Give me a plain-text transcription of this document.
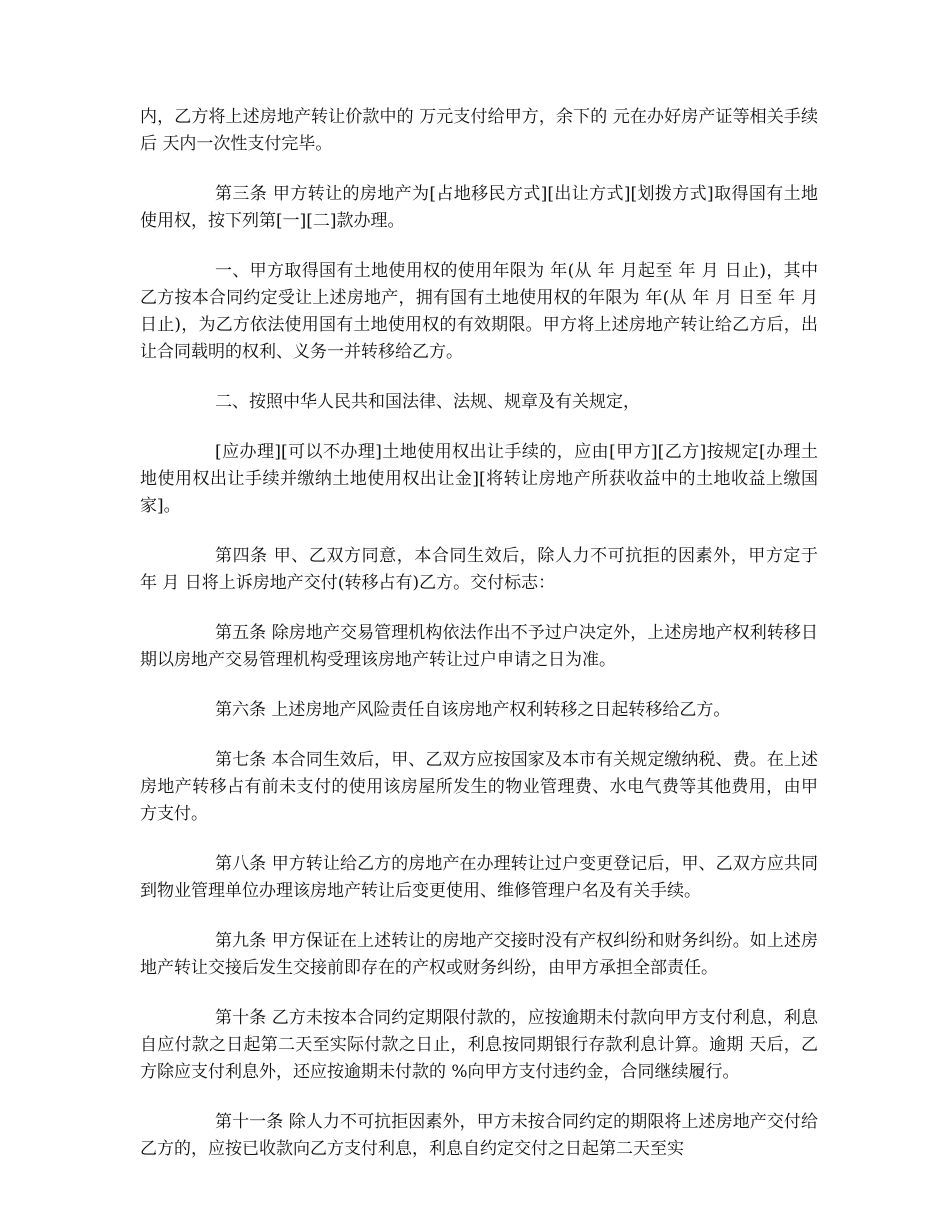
内，乙方将上述房地产转让价款中的 万元支付给甲方，余下的 元在办好房产证等相关手续后 天内一次性支付完毕。

第三条 甲方转让的房地产为[占地移民方式][出让方式][划拨方式]取得国有土地使用权，按下列第[一][二]款办理。

一、甲方取得国有土地使用权的使用年限为 年(从 年 月起至 年 月 日止)，其中乙方按本合同约定受让上述房地产，拥有国有土地使用权的年限为 年(从 年 月 日至 年 月 日止)，为乙方依法使用国有土地使用权的有效期限。甲方将上述房地产转让给乙方后，出让合同载明的权利、义务一并转移给乙方。

二、按照中华人民共和国法律、法规、规章及有关规定，

[应办理][可以不办理]土地使用权出让手续的，应由[甲方][乙方]按规定[办理土地使用权出让手续并缴纳土地使用权出让金][将转让房地产所获收益中的土地收益上缴国家]。

第四条 甲、乙双方同意，本合同生效后，除人力不可抗拒的因素外，甲方定于 年 月 日将上诉房地产交付(转移占有)乙方。交付标志：

第五条 除房地产交易管理机构依法作出不予过户决定外，上述房地产权利转移日期以房地产交易管理机构受理该房地产转让过户申请之日为准。

第六条 上述房地产风险责任自该房地产权利转移之日起转移给乙方。

第七条 本合同生效后，甲、乙双方应按国家及本市有关规定缴纳税、费。在上述房地产转移占有前未支付的使用该房屋所发生的物业管理费、水电气费等其他费用，由甲方支付。

第八条 甲方转让给乙方的房地产在办理转让过户变更登记后，甲、乙双方应共同到物业管理单位办理该房地产转让后变更使用、维修管理户名及有关手续。

第九条 甲方保证在上述转让的房地产交接时没有产权纠纷和财务纠纷。如上述房地产转让交接后发生交接前即存在的产权或财务纠纷，由甲方承担全部责任。

第十条 乙方未按本合同约定期限付款的，应按逾期未付款向甲方支付利息，利息自应付款之日起第二天至实际付款之日止，利息按同期银行存款利息计算。逾期 天后，乙方除应支付利息外，还应按逾期未付款的 %向甲方支付违约金，合同继续履行。

第十一条 除人力不可抗拒因素外，甲方未按合同约定的期限将上述房地产交付给乙方的，应按已收款向乙方支付利息，利息自约定交付之日起第二天至实
